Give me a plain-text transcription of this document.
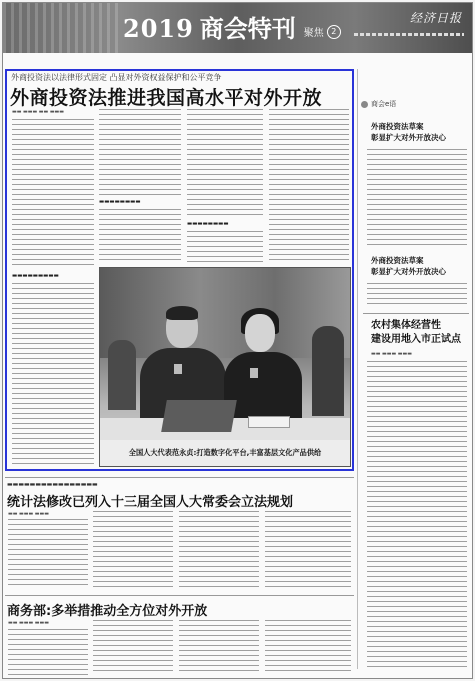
2019 商会特刊 聚焦 2
经济日报
外商投资法以法律形式固定 凸显对外资权益保护和公平竞争
外商投资法推进我国高水平对外开放
▬▬ ▬▬▬ ▬▬ ▬▬▬
▬▬▬▬▬▬▬▬▬
▬▬▬▬▬▬▬▬
▬▬▬▬▬▬▬▬
全国人大代表范永贞:打造数字化平台,丰富基层文化产品供给
商会e语
外商投资法草案
彰显扩大对外开放决心
外商投资法草案
彰显扩大对外开放决心
农村集体经营性
建设用地入市正试点
▬▬ ▬▬▬ ▬▬▬
▬▬▬▬▬▬▬▬▬▬▬▬▬▬▬▬
统计法修改已列入十三届全国人大常委会立法规划
▬▬ ▬▬▬ ▬▬▬
商务部:多举措推动全方位对外开放
▬▬ ▬▬▬ ▬▬▬
